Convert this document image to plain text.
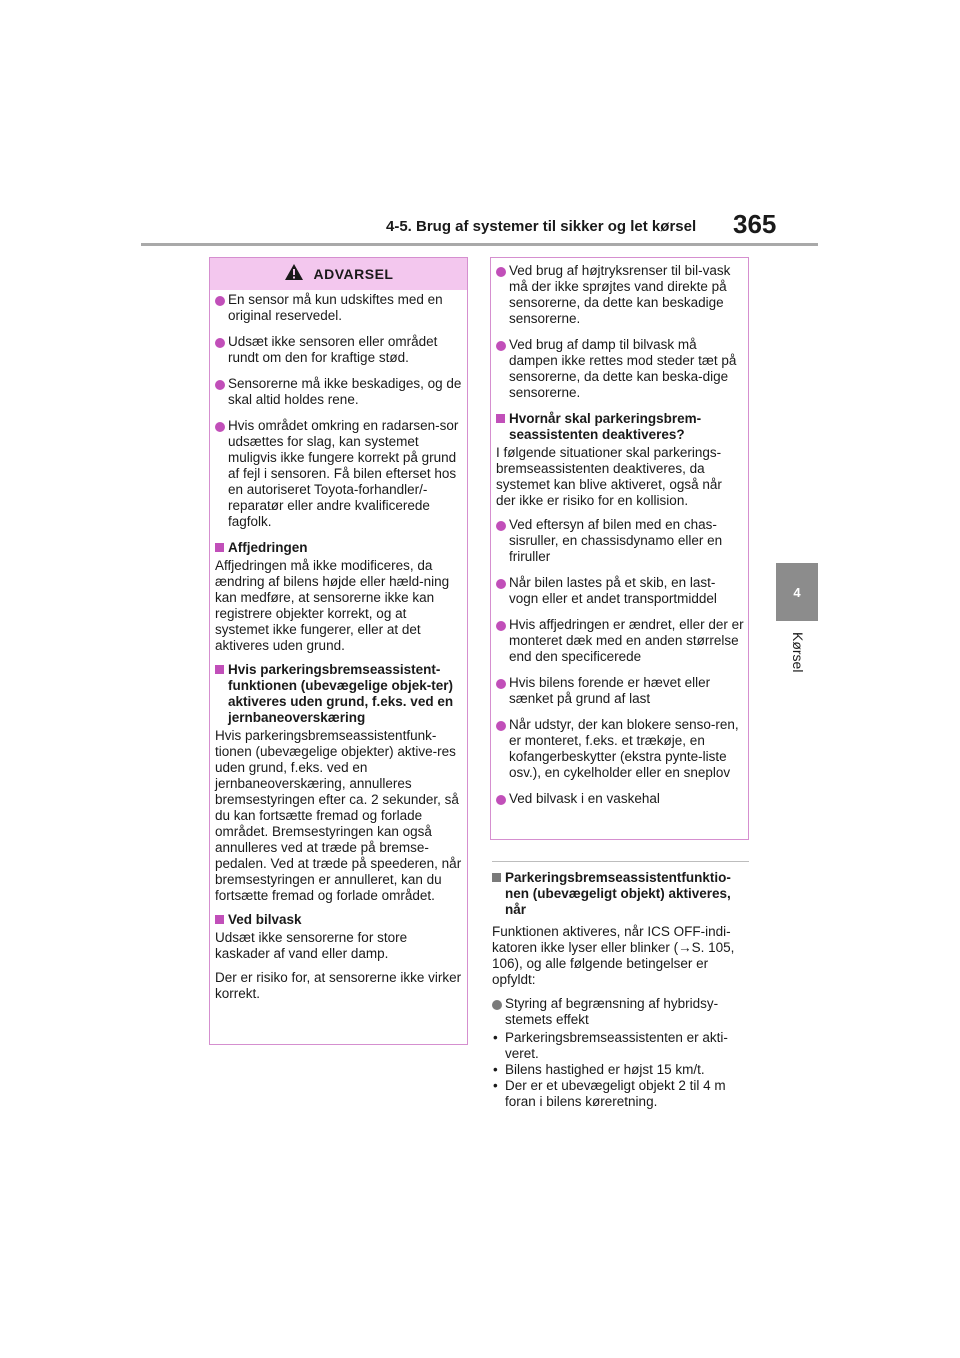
4-5. Brug af systemer til sikker og let kørsel 365
4
Kørsel
ADVARSEL
En sensor må kun udskiftes med en original reservedel.
Udsæt ikke sensoren eller området rundt om den for kraftige stød.
Sensorerne må ikke beskadiges, og de skal altid holdes rene.
Hvis området omkring en radarsen-sor udsættes for slag, kan systemet muligvis ikke fungere korrekt på grund af fejl i sensoren. Få bilen efterset hos en autoriseret Toyota-forhandler/-reparatør eller andre kvalificerede fagfolk.
Affjedringen
Affjedringen må ikke modificeres, da ændring af bilens højde eller hæld-ning kan medføre, at sensorerne ikke kan registrere objekter korrekt, og at systemet ikke fungerer, eller at det aktiveres uden grund.
Hvis parkeringsbremseassistent-funktionen (ubevægelige objek-ter) aktiveres uden grund, f.eks. ved en jernbaneoverskæring
Hvis parkeringsbremseassistentfunk-tionen (ubevægelige objekter) aktive-res uden grund, f.eks. ved en jernbaneoverskæring, annulleres bremsestyringen efter ca. 2 sekunder, så du kan fortsætte fremad og forlade området. Bremsestyringen kan også annulleres ved at træde på bremse-pedalen. Ved at træde på speederen, når bremsestyringen er annulleret, kan du fortsætte fremad og forlade området.
Ved bilvask
Udsæt ikke sensorerne for store kaskader af vand eller damp.
Der er risiko for, at sensorerne ikke virker korrekt.
Ved brug af højtryksrenser til bil-vask må der ikke sprøjtes vand direkte på sensorerne, da dette kan beskadige sensorerne.
Ved brug af damp til bilvask må dampen ikke rettes mod steder tæt på sensorerne, da dette kan beska-dige sensorerne.
Hvornår skal parkeringsbrem-seassistenten deaktiveres?
I følgende situationer skal parkerings-bremseassistenten deaktiveres, da systemet kan blive aktiveret, også når der ikke er risiko for en kollision.
Ved eftersyn af bilen med en chas-sisruller, en chassisdynamo eller en friruller
Når bilen lastes på et skib, en last-vogn eller et andet transportmiddel
Hvis affjedringen er ændret, eller der er monteret dæk med en anden størrelse end den specificerede
Hvis bilens forende er hævet eller sænket på grund af last
Når udstyr, der kan blokere senso-ren, er monteret, f.eks. et trækøje, en kofangerbeskytter (ekstra pynte-liste osv.), en cykelholder eller en sneplov
Ved bilvask i en vaskehal
Parkeringsbremseassistentfunktio-nen (ubevægeligt objekt) aktiveres, når
Funktionen aktiveres, når ICS OFF-indi-katoren ikke lyser eller blinker (→S. 105, 106), og alle følgende betingelser er opfyldt:
Styring af begrænsning af hybridsy-stemets effekt
• Parkeringsbremseassistenten er akti-veret.
• Bilens hastighed er højst 15 km/t.
• Der er et ubevægeligt objekt 2 til 4 m foran i bilens køreretning.
